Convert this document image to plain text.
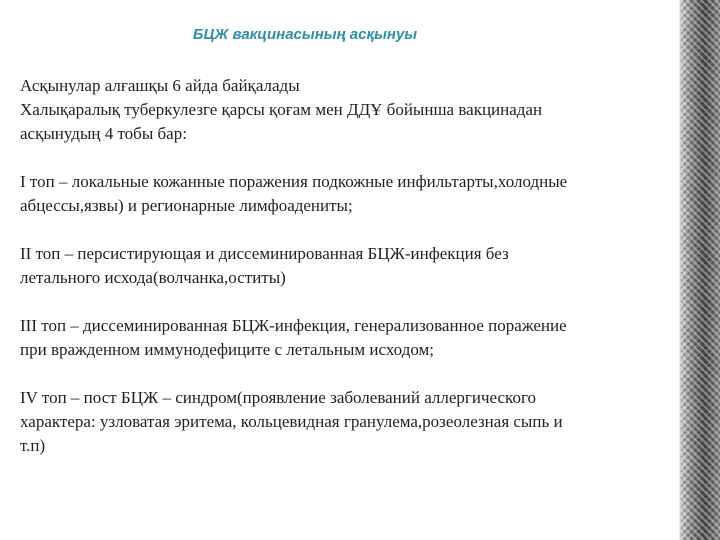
БЦЖ вакцинасының асқынуы
Асқынулар алғашқы 6 айда байқалады
Халықаралық туберкулезге қарсы қоғам мен ДДҰ бойынша вакцинадан
асқынудың 4 тобы бар:
I топ – локальные кожанные поражения подкожные инфильтарты,холодные
абцессы,язвы) и регионарные лимфоадениты;
II топ – персистирующая и диссеминированная БЦЖ-инфекция без
летального исхода(волчанка,оститы)
III топ – диссеминированная БЦЖ-инфекция, генерализованное поражение
при вражденном иммунодефиците с летальным исходом;
IV топ – пост БЦЖ – синдром(проявление заболеваний аллергического
характера: узловатая эритема, кольцевидная гранулема,розеолезная сыпь и
т.п)
